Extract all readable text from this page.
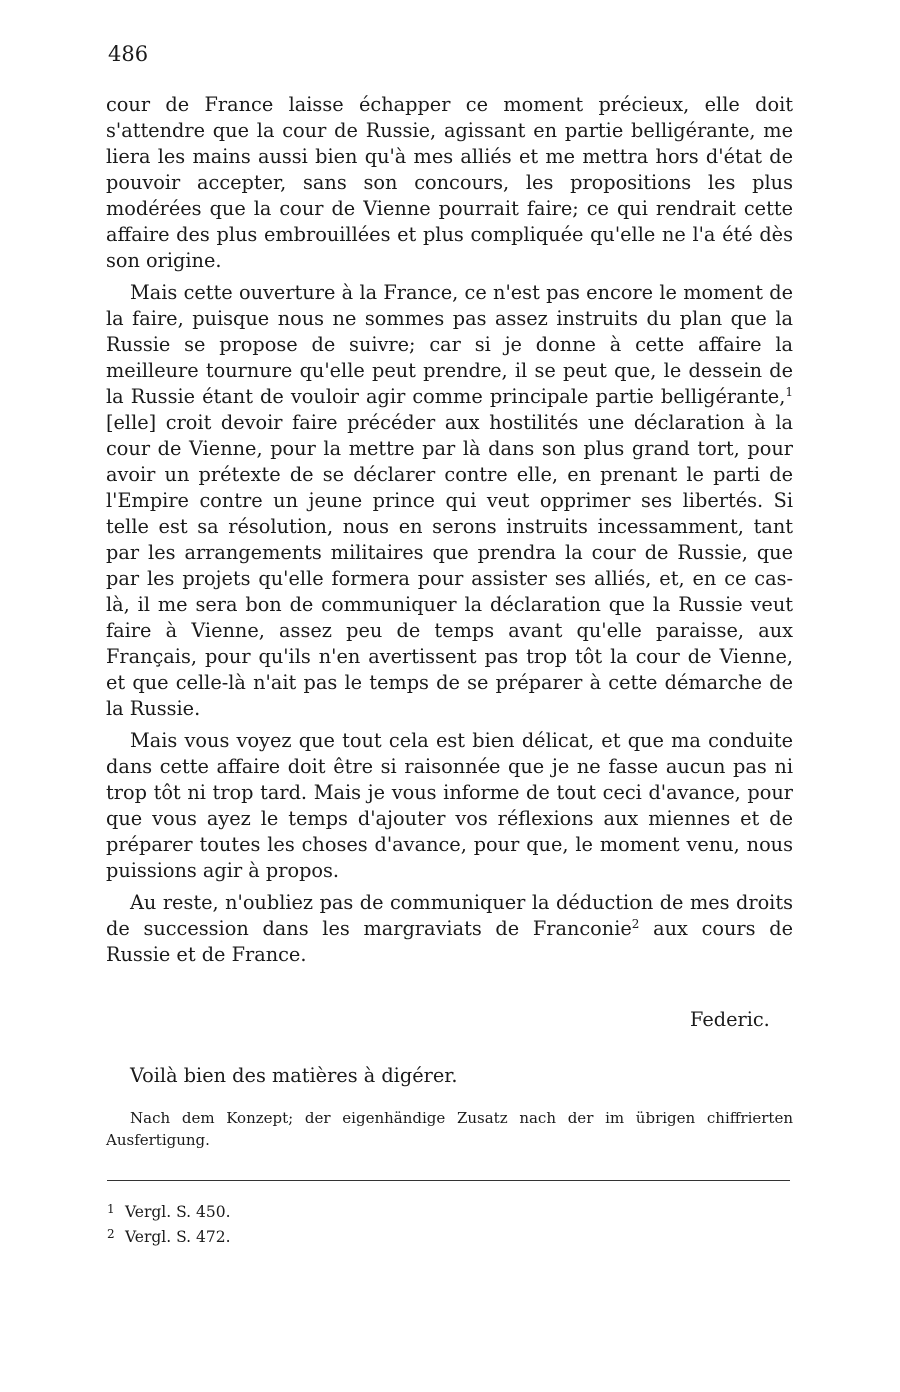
486

cour de France laisse échapper ce moment précieux, elle doit s'attendre que la cour de Russie, agissant en partie belligérante, me liera les mains aussi bien qu'à mes alliés et me mettra hors d'état de pouvoir accepter, sans son concours, les propositions les plus modérées que la cour de Vienne pourrait faire; ce qui rendrait cette affaire des plus embrouillées et plus compliquée qu'elle ne l'a été dès son origine.

Mais cette ouverture à la France, ce n'est pas encore le moment de la faire, puisque nous ne sommes pas assez instruits du plan que la Russie se propose de suivre; car si je donne à cette affaire la meilleure tournure qu'elle peut prendre, il se peut que, le dessein de la Russie étant de vouloir agir comme principale partie belligérante,$^1$ [elle] croit devoir faire précéder aux hostilités une déclaration à la cour de Vienne, pour la mettre par là dans son plus grand tort, pour avoir un prétexte de se déclarer contre elle, en prenant le parti de l'Empire contre un jeune prince qui veut opprimer ses libertés. Si telle est sa résolution, nous en serons instruits incessamment, tant par les arrangements militaires que prendra la cour de Russie, que par les projets qu'elle formera pour assister ses alliés, et, en ce cas-là, il me sera bon de communiquer la déclaration que la Russie veut faire à Vienne, assez peu de temps avant qu'elle paraisse, aux Français, pour qu'ils n'en avertissent pas trop tôt la cour de Vienne, et que celle-là n'ait pas le temps de se préparer à cette démarche de la Russie.

Mais vous voyez que tout cela est bien délicat, et que ma conduite dans cette affaire doit être si raisonnée que je ne fasse aucun pas ni trop tôt ni trop tard. Mais je vous informe de tout ceci d'avance, pour que vous ayez le temps d'ajouter vos réflexions aux miennes et de préparer toutes les choses d'avance, pour que, le moment venu, nous puissions agir à propos.

Au reste, n'oubliez pas de communiquer la déduction de mes droits de succession dans les margraviats de Franconie$^2$ aux cours de Russie et de France.

Federic.
Voilà bien des matières à digérer.
Nach dem Konzept; der eigenhändige Zusatz nach der im übrigen chiffrierten Ausfertigung.
1 Vergl. S. 450.
2 Vergl. S. 472.
